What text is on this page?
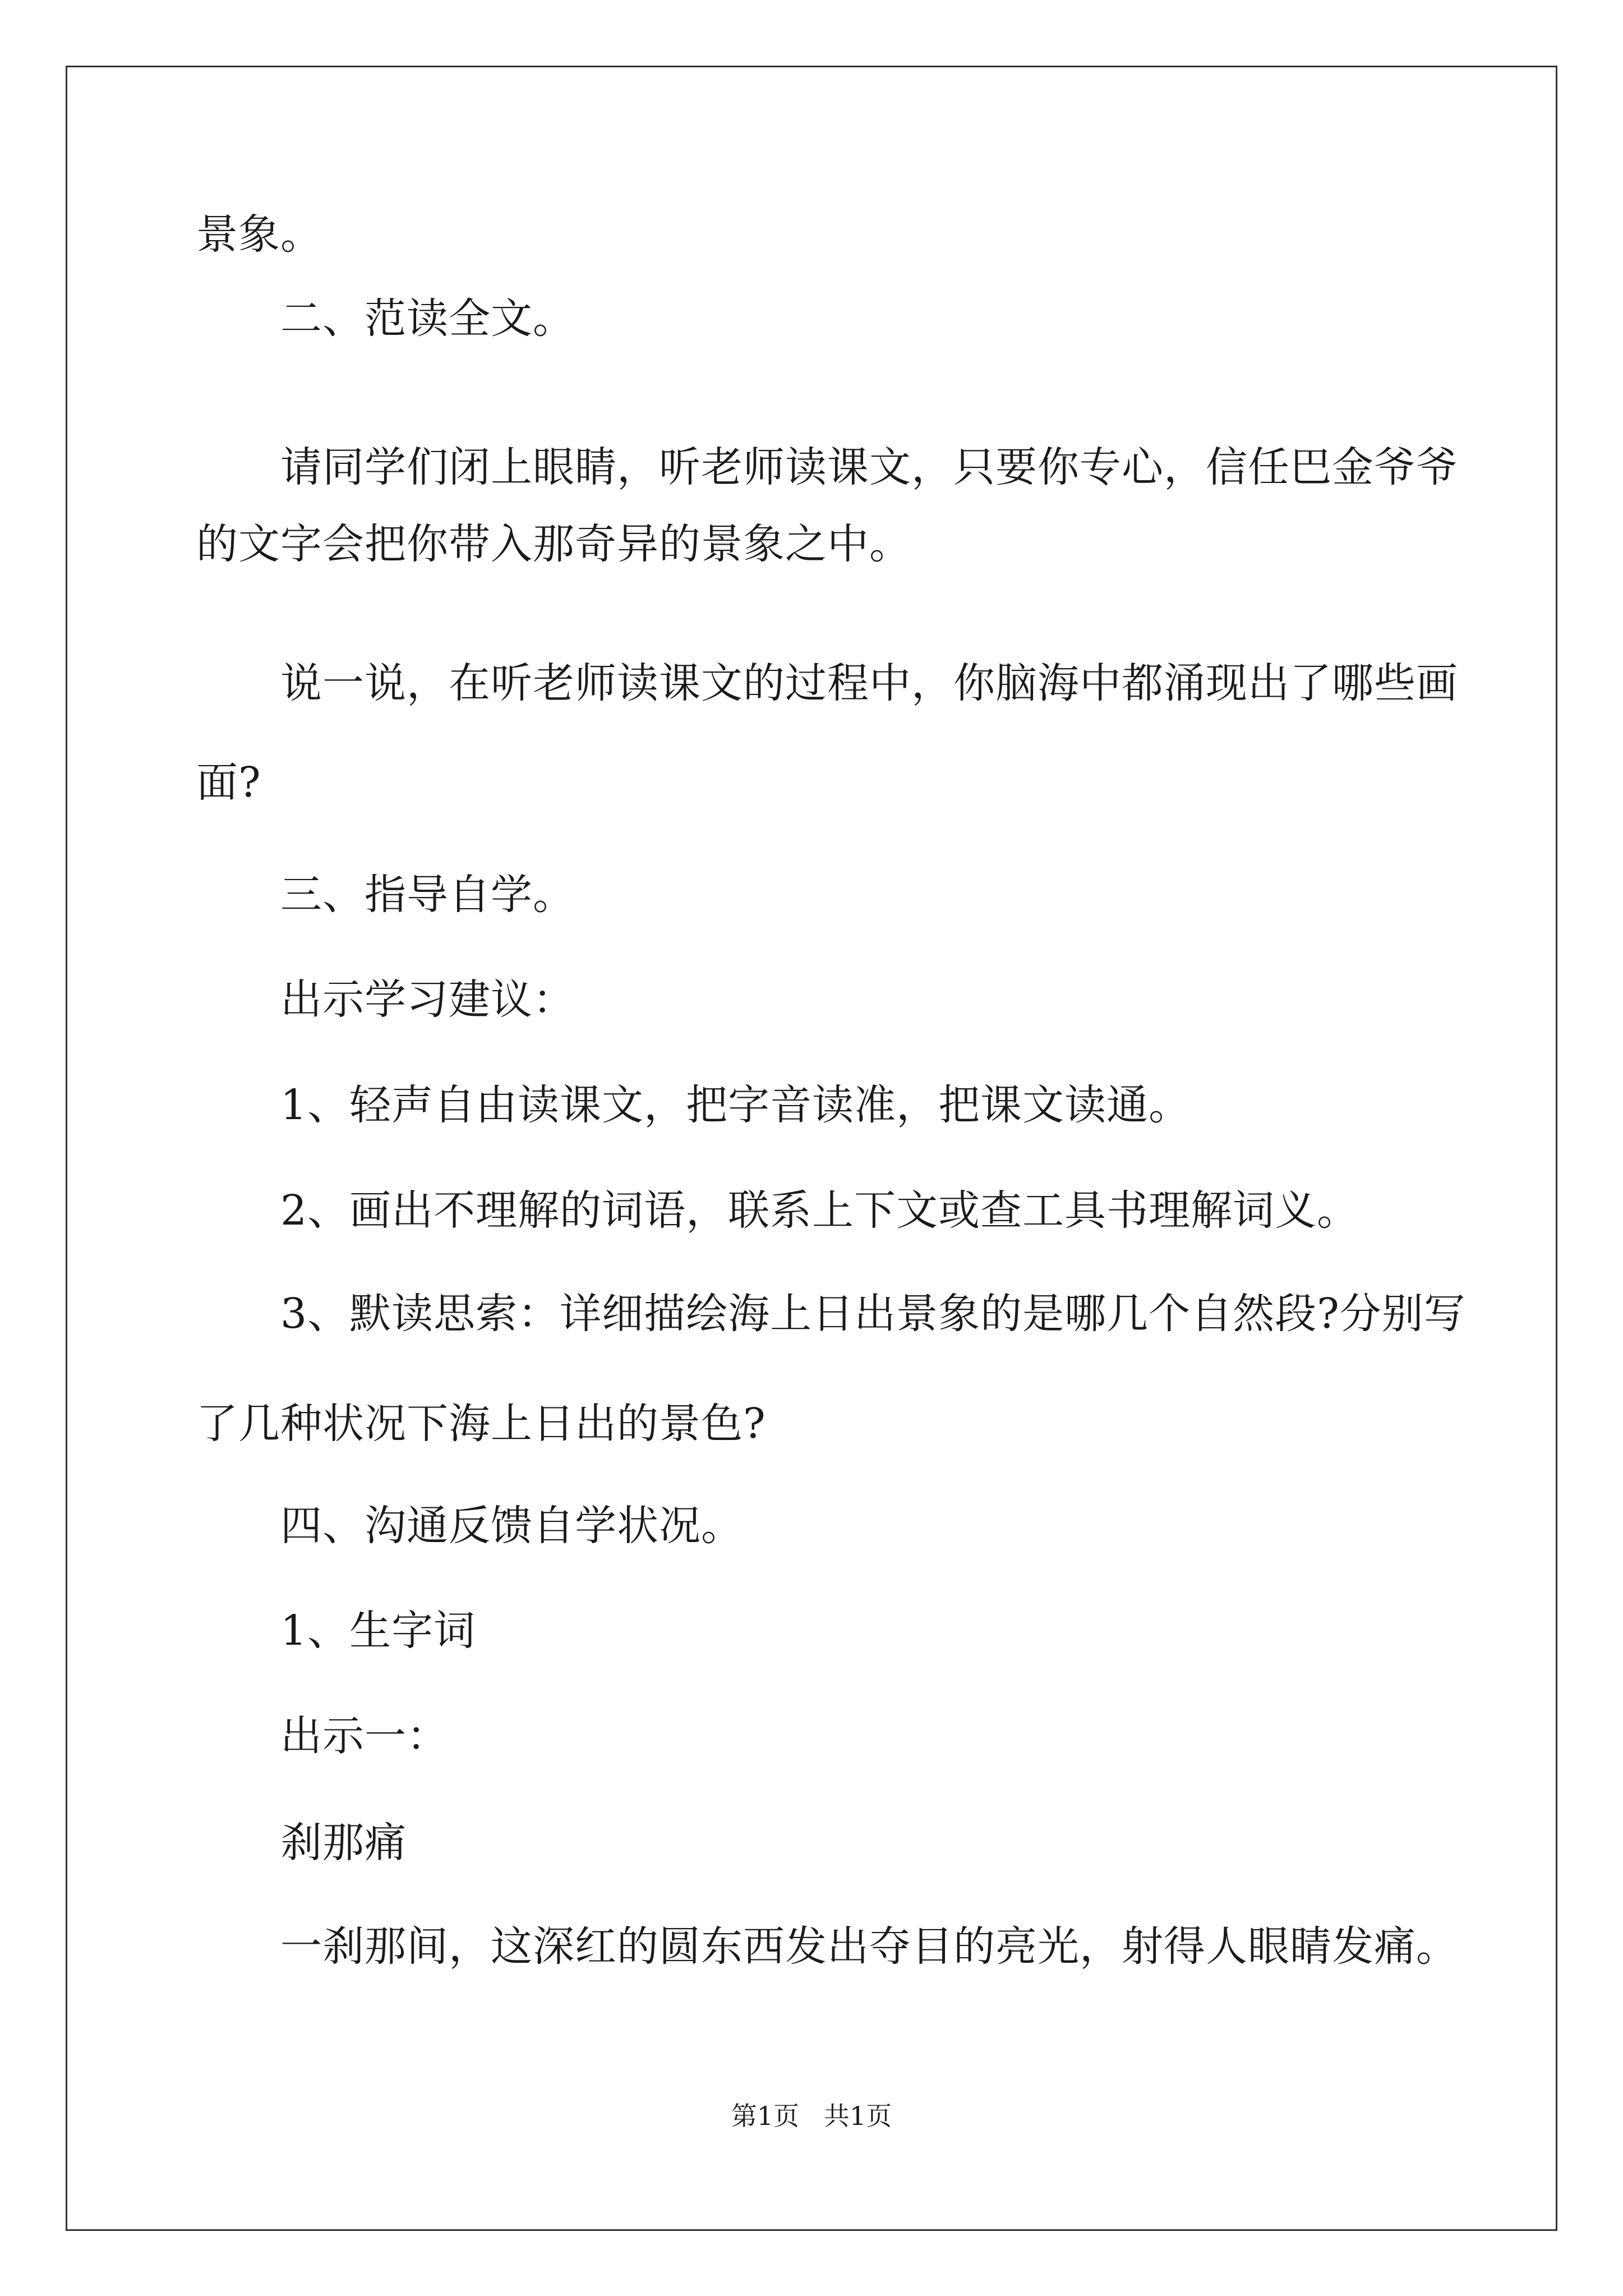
景象。
二、范读全文。
请同学们闭上眼睛，听老师读课文，只要你专心，信任巴金爷爷
的文字会把你带入那奇异的景象之中。
说一说，在听老师读课文的过程中，你脑海中都涌现出了哪些画
面?
三、指导自学。
出示学习建议：
1、轻声自由读课文，把字音读准，把课文读通。
2、画出不理解的词语，联系上下文或查工具书理解词义。
3、默读思索：详细描绘海上日出景象的是哪几个自然段?分别写
了几种状况下海上日出的景色?
四、沟通反馈自学状况。
1、生字词
出示一：
刹那痛
一刹那间，这深红的圆东西发出夺目的亮光，射得人眼睛发痛。
第1页   共1页
